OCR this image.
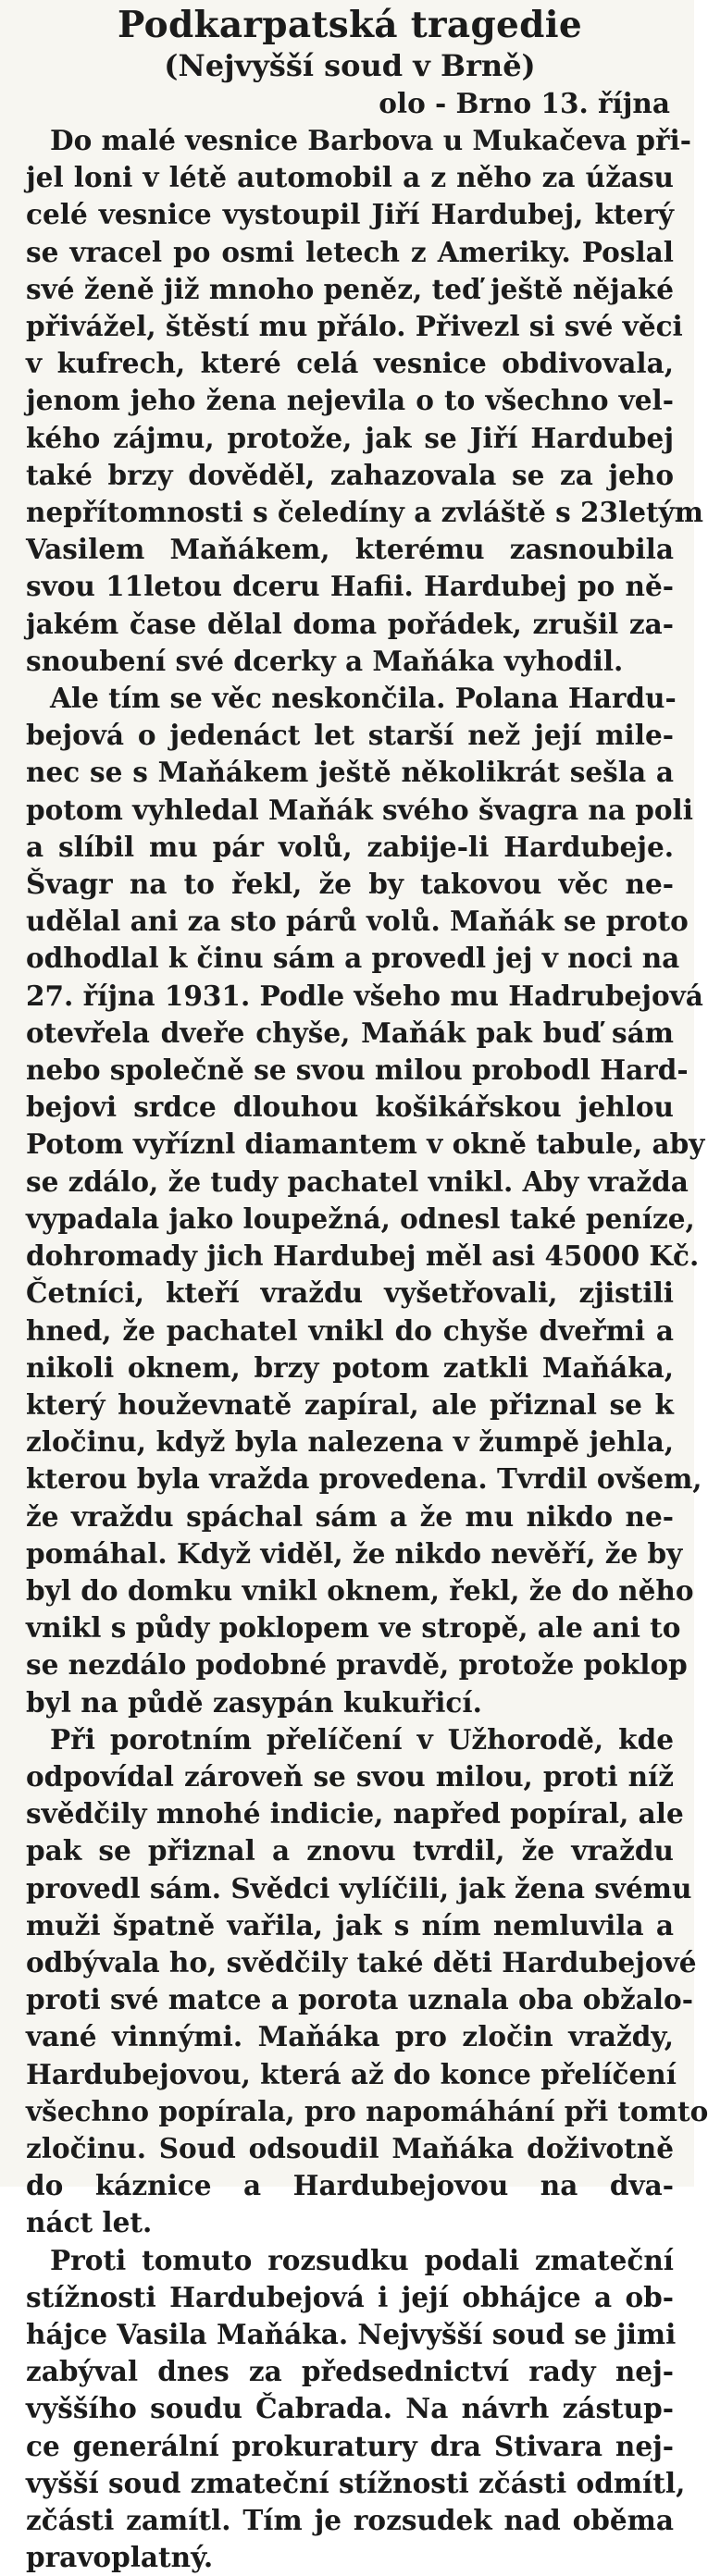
Podkarpatská tragedie
(Nejvyšší soud v Brně)

olo - Brno 13. října

Do malé vesnice Barbova u Mukačeva při-
jel loni v létě automobil a z něho za úžasu
celé vesnice vystoupil Jiří Hardubej, který
se vracel po osmi letech z Ameriky. Poslal
své ženě již mnoho peněz, teď ještě nějaké
přivážel, štěstí mu přálo. Přivezl si své věci
v kufrech, které celá vesnice obdivovala,
jenom jeho žena nejevila o to všechno vel-
kého zájmu, protože, jak se Jiří Hardubej
také brzy dověděl, zahazovala se za jeho
nepřítomnosti s čeledíny a zvláště s 23letým
Vasilem Maňákem, kterému zasnoubila
svou 11letou dceru Hafii. Hardubej po ně-
jakém čase dělal doma pořádek, zrušil za-
snoubení své dcerky a Maňáka vyhodil.

Ale tím se věc neskončila. Polana Hardu-
bejová o jedenáct let starší než její mile-
nec se s Maňákem ještě několikrát sešla a
potom vyhledal Maňák svého švagra na poli
a slíbil mu pár volů, zabije-li Hardubeje.
Švagr na to řekl, že by takovou věc ne-
udělal ani za sto párů volů. Maňák se proto
odhodlal k činu sám a provedl jej v noci na
27. října 1931. Podle všeho mu Hadrubejová
otevřela dveře chyše, Maňák pak buď sám
nebo společně se svou milou probodl Hard-
bejovi srdce dlouhou košikářskou jehlou
Potom vyříznl diamantem v okně tabule, aby
se zdálo, že tudy pachatel vnikl. Aby vražda
vypadala jako loupežná, odnesl také peníze,
dohromady jich Hardubej měl asi 45000 Kč.
Četníci, kteří vraždu vyšetřovali, zjistili
hned, že pachatel vnikl do chyše dveřmi a
nikoli oknem, brzy potom zatkli Maňáka,
který houževnatě zapíral, ale přiznal se k
zločinu, když byla nalezena v žumpě jehla,
kterou byla vražda provedena. Tvrdil ovšem,
že vraždu spáchal sám a že mu nikdo ne-
pomáhal. Když viděl, že nikdo nevěří, že by
byl do domku vnikl oknem, řekl, že do něho
vnikl s půdy poklopem ve stropě, ale ani to
se nezdálo podobné pravdě, protože poklop
byl na půdě zasypán kukuřicí.

Při porotním přelíčení v Užhorodě, kde
odpovídal zároveň se svou milou, proti níž
svědčily mnohé indicie, napřed popíral, ale
pak se přiznal a znovu tvrdil, že vraždu
provedl sám. Svědci vylíčili, jak žena svému
muži špatně vařila, jak s ním nemluvila a
odbývala ho, svědčily také děti Hardubejové
proti své matce a porota uznala oba obžalo-
vané vinnými. Maňáka pro zločin vraždy,
Hardubejovou, která až do konce přelíčení
všechno popírala, pro napomáhání při tomto
zločinu. Soud odsoudil Maňáka doživotně
do káznice a Hardubejovou na dva-
náct let.

Proti tomuto rozsudku podali zmateční
stížnosti Hardubejová i její obhájce a ob-
hájce Vasila Maňáka. Nejvyšší soud se jimi
zabýval dnes za předsednictví rady nej-
vyššího soudu Čabrada. Na návrh zástup-
ce generální prokuratury dra Stivara nej-
vyšší soud zmateční stížnosti zčásti odmítl,
zčásti zamítl. Tím je rozsudek nad oběma
pravoplatný.
